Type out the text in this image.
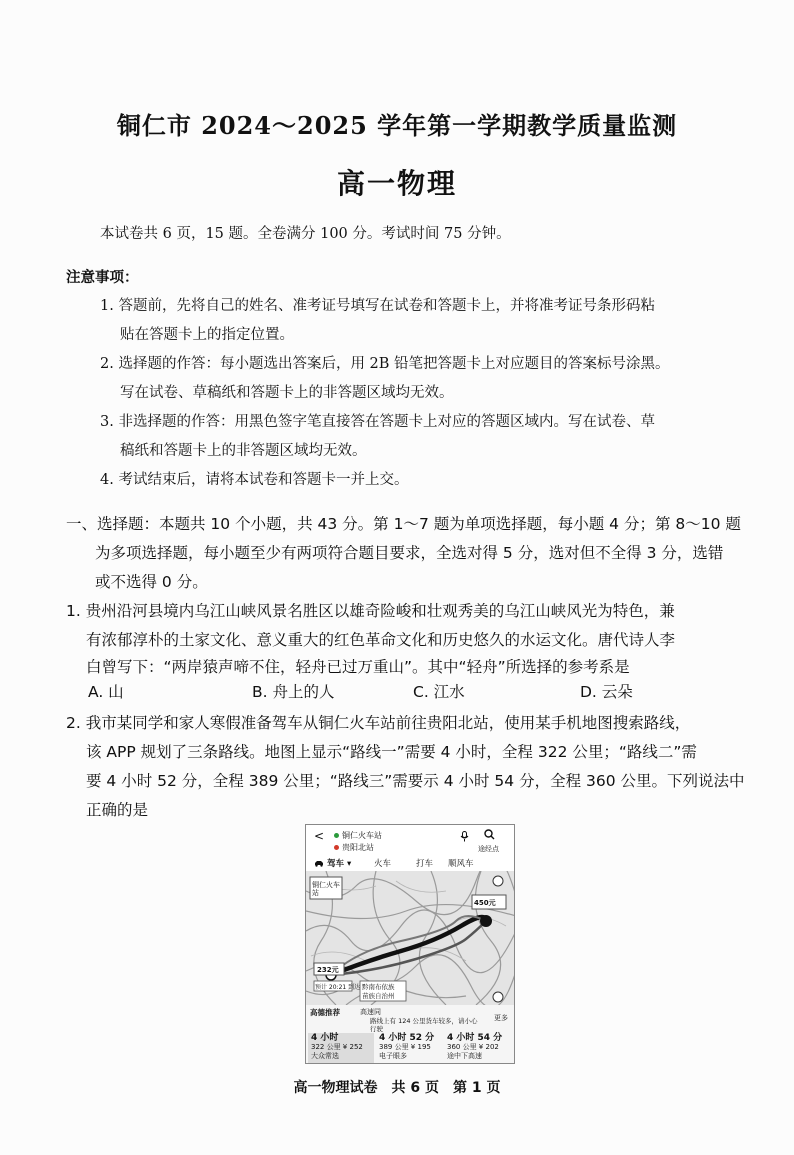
铜仁市 2024～2025 学年第一学期教学质量监测
高一物理
本试卷共 6 页，15 题。全卷满分 100 分。考试时间 75 分钟。
注意事项：
1. 答题前，先将自己的姓名、准考证号填写在试卷和答题卡上，并将准考证号条形码粘
贴在答题卡上的指定位置。
2. 选择题的作答：每小题选出答案后，用 2B 铅笔把答题卡上对应题目的答案标号涂黑。
写在试卷、草稿纸和答题卡上的非答题区域均无效。
3. 非选择题的作答：用黑色签字笔直接答在答题卡上对应的答题区域内。写在试卷、草
稿纸和答题卡上的非答题区域均无效。
4. 考试结束后，请将本试卷和答题卡一并上交。
一、选择题：本题共 10 个小题，共 43 分。第 1～7 题为单项选择题，每小题 4 分；第 8～10 题
为多项选择题，每小题至少有两项符合题目要求，全选对得 5 分，选对但不全得 3 分，选错
或不选得 0 分。
1. 贵州沿河县境内乌江山峡风景名胜区以雄奇险峻和壮观秀美的乌江山峡风光为特色，兼
有浓郁淳朴的土家文化、意义重大的红色革命文化和历史悠久的水运文化。唐代诗人李
白曾写下：“两岸猿声啼不住，轻舟已过万重山”。其中“轻舟”所选择的参考系是
A. 山	B. 舟上的人	C. 江水	D. 云朵
2. 我市某同学和家人寒假准备驾车从铜仁火车站前往贵阳北站，使用某手机地图搜索路线，
该 APP 规划了三条路线。地图上显示“路线一”需要 4 小时，全程 322 公里；“路线二”需
要 4 小时 52 分，全程 389 公里；“路线三”需要示 4 小时 54 分，全程 360 公里。下列说法中
正确的是
<	铜仁火车站
贵阳北站	途经点
驾车 ▾	火车	打车 顺风车
铜仁火车站
450元
232元
预计 20:21 到达 黔南布依族
苗族自治州
高德推荐	高速同
路线上有 124 公里货车较多，请小心行驶
更多
4 小时
322 公里 ¥ 252
大众常选
4 小时 52 分
389 公里 ¥ 195
电子眼多
4 小时 54 分
360 公里 ¥ 202
途中下高速
高一物理试卷　共 6 页　第 1 页
